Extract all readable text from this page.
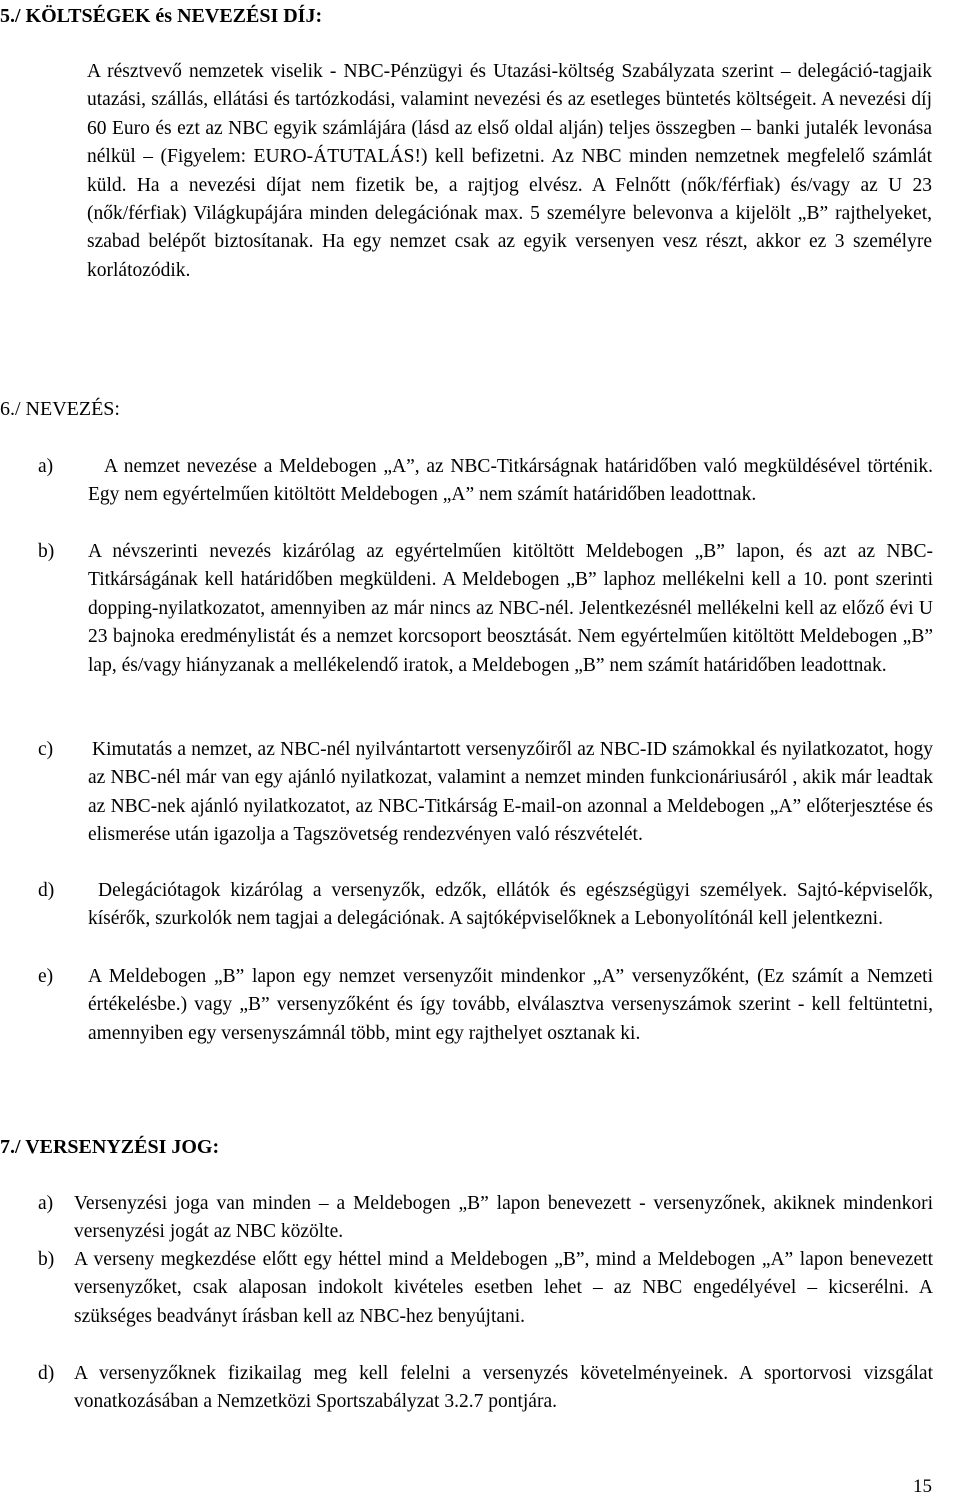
5./ KÖLTSÉGEK és NEVEZÉSI DÍJ:
A résztvevő nemzetek viselik - NBC-Pénzügyi és Utazási-költség Szabályzata szerint – delegáció-tagjaik utazási, szállás, ellátási és tartózkodási, valamint nevezési és az esetleges büntetés költségeit. A nevezési díj 60 Euro és ezt az NBC egyik számlájára (lásd az első oldal alján) teljes összegben – banki jutalék levonása nélkül – (Figyelem: EURO-ÁTUTALÁS!) kell befizetni. Az NBC minden nemzetnek megfelelő számlát küld. Ha a nevezési díjat nem fizetik be, a rajtjog elvész. A Felnőtt (nők/férfiak) és/vagy az U 23 (nők/férfiak) Világkupájára minden delegációnak max. 5 személyre belevonva a kijelölt „B” rajthelyeket, szabad belépőt biztosítanak. Ha egy nemzet csak az egyik versenyen vesz részt, akkor ez 3 személyre korlátozódik.
6./ NEVEZÉS:
a)	A nemzet nevezése a Meldebogen „A”, az NBC-Titkárságnak határidőben való megküldésével történik. Egy nem egyértelműen kitöltött Meldebogen „A” nem számít határidőben leadottnak.
b) A névszerinti nevezés kizárólag az egyértelműen kitöltött Meldebogen „B” lapon, és azt az NBC-Titkárságának kell határidőben megküldeni. A Meldebogen „B” laphoz mellékelni kell a 10. pont szerinti dopping-nyilatkozatot, amennyiben az már nincs az NBC-nél. Jelentkezésnél mellékelni kell az előző évi U 23 bajnoka eredménylistát és a nemzet korcsoport beosztását. Nem egyértelműen kitöltött Meldebogen „B” lap, és/vagy hiányzanak a mellékelendő iratok, a Meldebogen „B” nem számít határidőben leadottnak.
c) Kimutatás a nemzet, az NBC-nél nyilvántartott versenyzőiről az NBC-ID számokkal és nyilatkozatot, hogy az NBC-nél már van egy ajánló nyilatkozat, valamint a nemzet minden funkcionáriusáról , akik már leadtak az NBC-nek ajánló nyilatkozatot, az NBC-Titkárság E-mail-on azonnal a Meldebogen „A” előterjesztése és elismerése után igazolja a Tagszövetség rendezvényen való részvételét.
d)	Delegációtagok kizárólag a versenyzők, edzők, ellátók és egészségügyi személyek. Sajtó-képviselők, kísérők, szurkolók nem tagjai a delegációnak. A sajtóképviselőknek a Lebonyolítónál kell jelentkezni.
e) A Meldebogen „B” lapon egy nemzet versenyzőit mindenkor „A” versenyzőként, (Ez számít a Nemzeti értékelésbe.) vagy „B” versenyzőként és így tovább, elválasztva versenyszámok szerint - kell feltüntetni, amennyiben egy versenyszámnál több, mint egy rajthelyet osztanak ki.
7./ VERSENYZÉSI JOG:
a) Versenyzési joga van minden – a Meldebogen „B” lapon benevezett - versenyzőnek, akiknek mindenkori versenyzési jogát az NBC közölte.
b) A verseny megkezdése előtt egy héttel mind a Meldebogen „B”, mind a Meldebogen „A” lapon benevezett versenyzőket, csak alaposan indokolt kivételes esetben lehet – az NBC engedélyével – kicserélni. A szükséges beadványt írásban kell az NBC-hez benyújtani.
d) A versenyzőknek fizikailag meg kell felelni a versenyzés követelményeinek. A sportorvosi vizsgálat vonatkozásában a Nemzetközi Sportszabályzat 3.2.7 pontjára.
15
